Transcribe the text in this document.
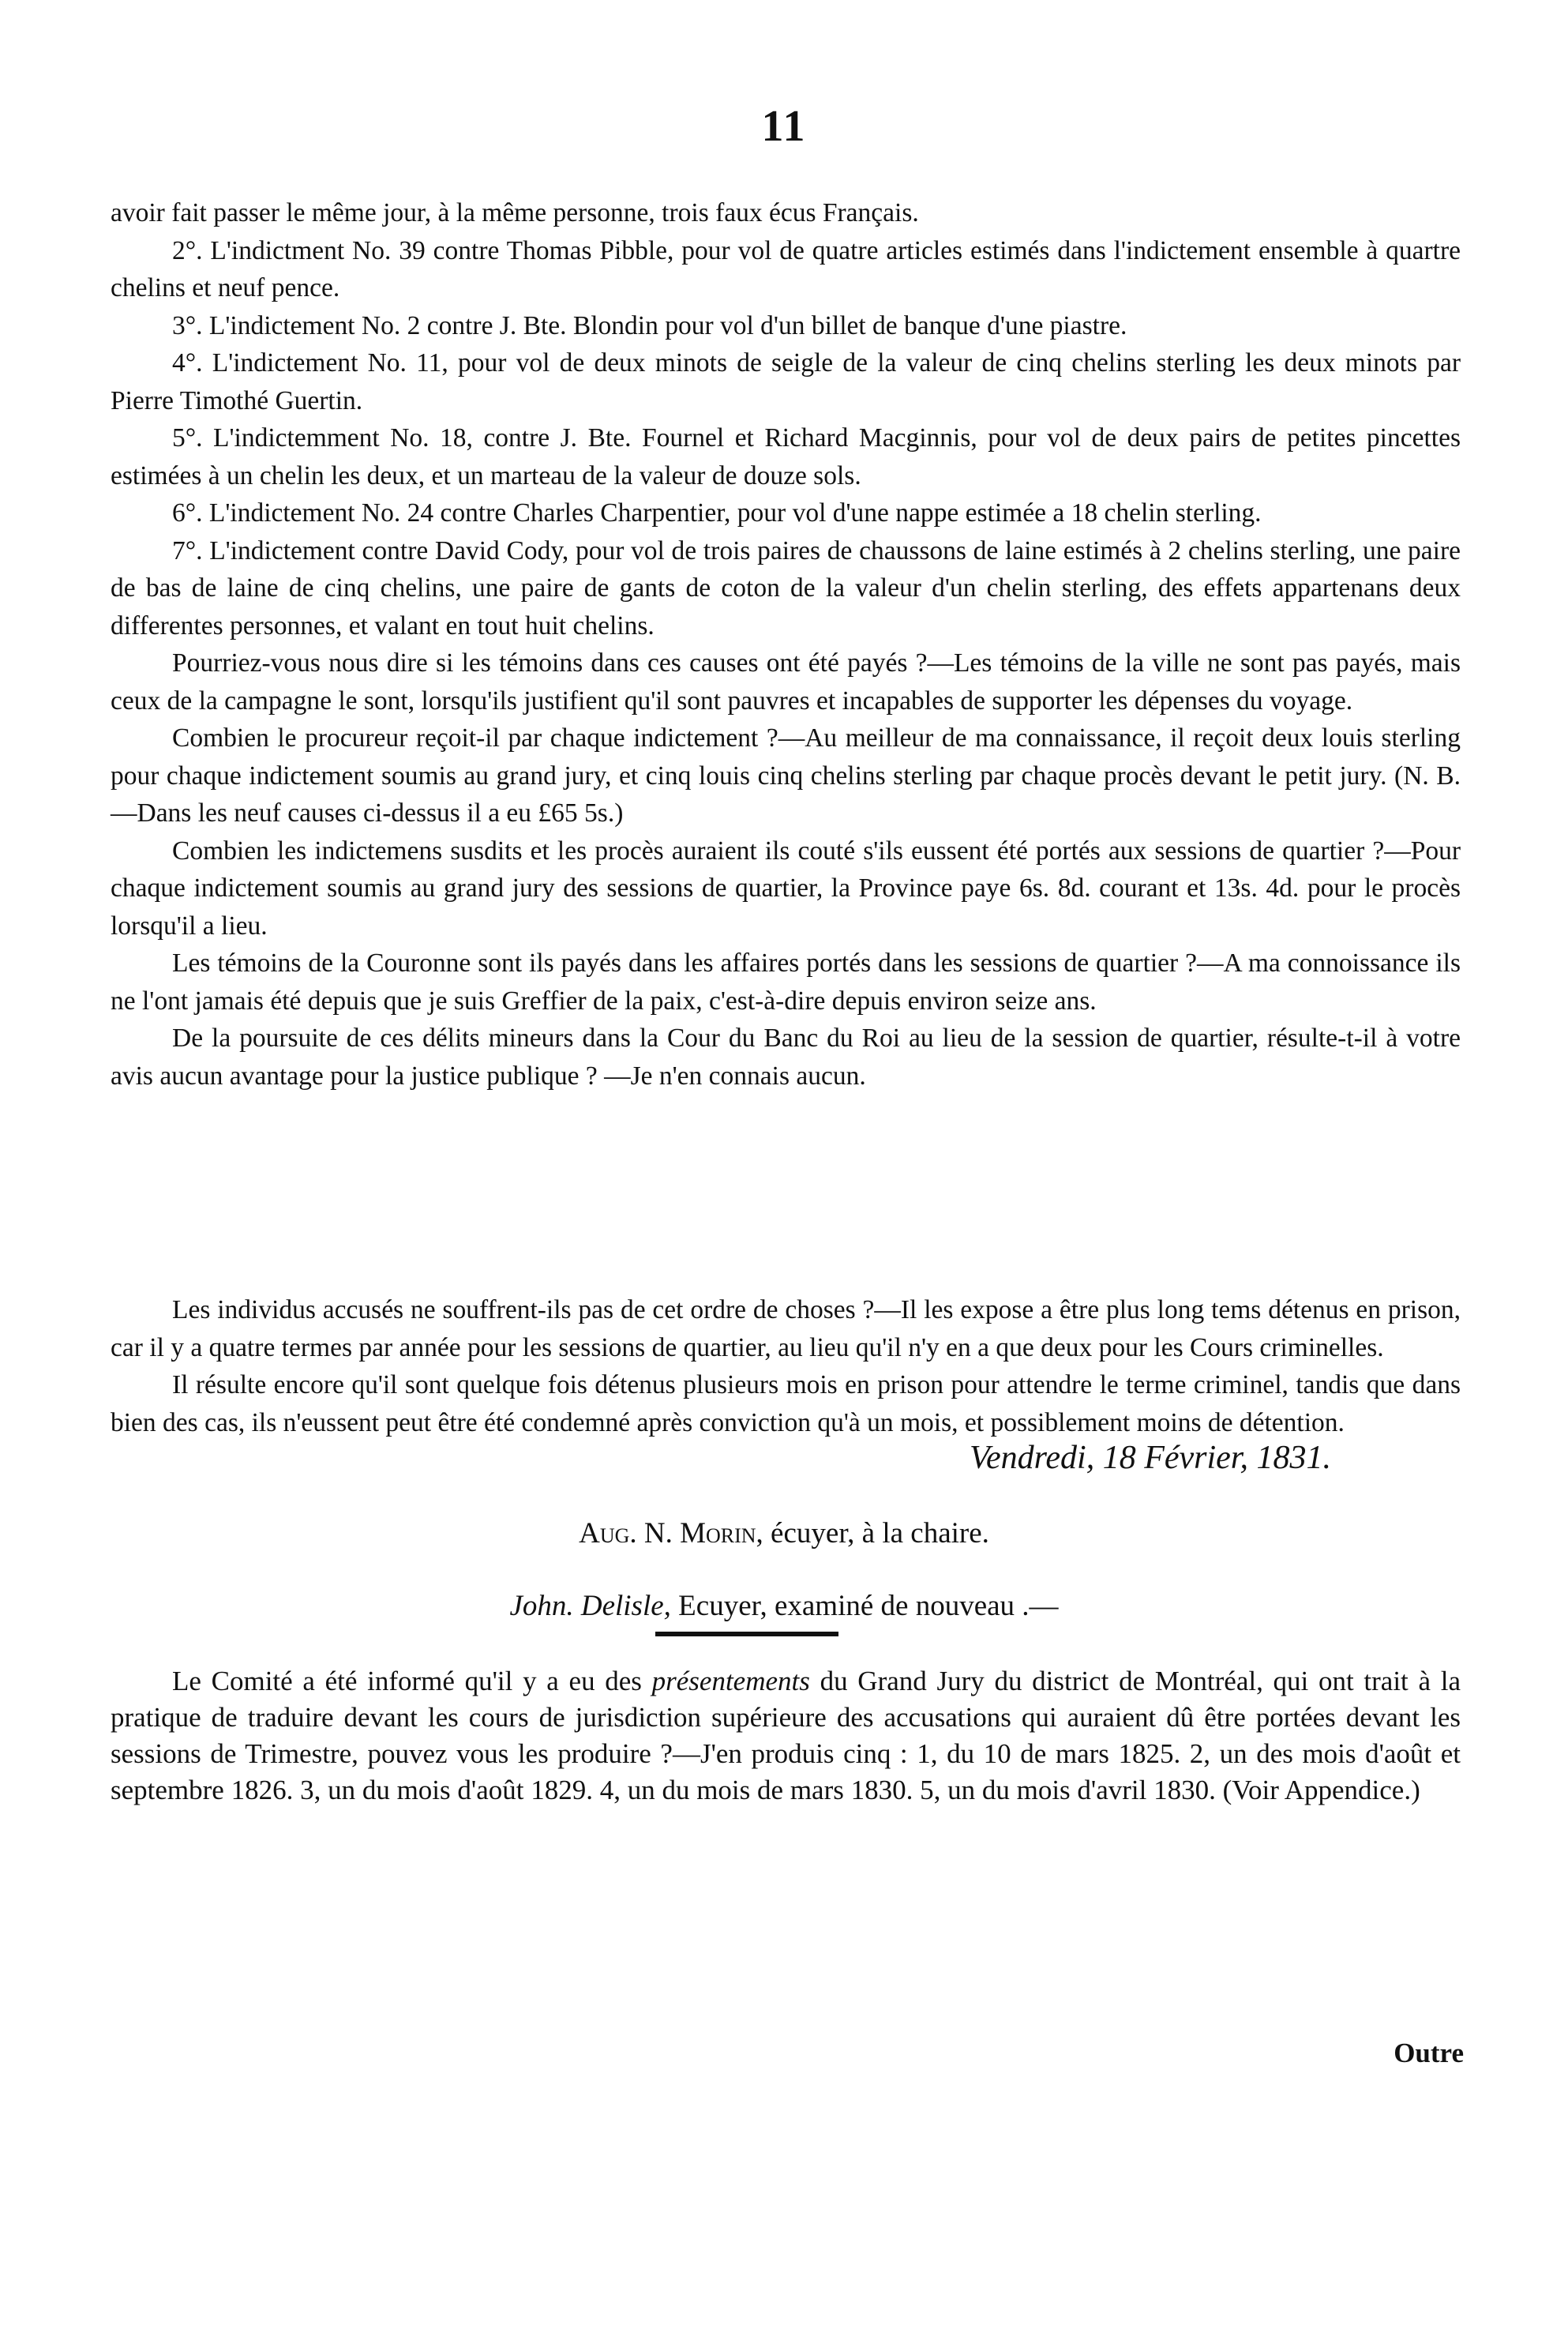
11

avoir fait passer le même jour, à la même personne, trois faux écus Français.

2°. L'indictment No. 39 contre Thomas Pibble, pour vol de quatre articles estimés dans l'indictement ensemble à quartre chelins et neuf pence.

3°. L'indictement No. 2 contre J. Bte. Blondin pour vol d'un billet de banque d'une piastre.

4°. L'indictement No. 11, pour vol de deux minots de seigle de la valeur de cinq chelins sterling les deux minots par Pierre Timothé Guertin.

5°. L'indictemment No. 18, contre J. Bte. Fournel et Richard Macginnis, pour vol de deux pairs de petites pincettes estimées à un chelin les deux, et un marteau de la valeur de douze sols.

6°. L'indictement No. 24 contre Charles Charpentier, pour vol d'une nappe estimée a 18 chelin sterling.

7°. L'indictement contre David Cody, pour vol de trois paires de chaussons de laine estimés à 2 chelins sterling, une paire de bas de laine de cinq chelins, une paire de gants de coton de la valeur d'un chelin sterling, des effets appartenans deux differentes personnes, et valant en tout huit chelins.

Pourriez-vous nous dire si les témoins dans ces causes ont été payés ?—Les témoins de la ville ne sont pas payés, mais ceux de la campagne le sont, lorsqu'ils justifient qu'il sont pauvres et incapables de supporter les dépenses du voyage.

Combien le procureur reçoit-il par chaque indictement ?—Au meilleur de ma connaissance, il reçoit deux louis sterling pour chaque indictement soumis au grand jury, et cinq louis cinq chelins sterling par chaque procès devant le petit jury. (N. B.—Dans les neuf causes ci-dessus il a eu £65 5s.)

Combien les indictemens susdits et les procès auraient ils couté s'ils eussent été portés aux sessions de quartier ?—Pour chaque indictement soumis au grand jury des sessions de quartier, la Province paye 6s. 8d. courant et 13s. 4d. pour le procès lorsqu'il a lieu.

Les témoins de la Couronne sont ils payés dans les affaires portés dans les sessions de quartier ?—A ma connoissance ils ne l'ont jamais été depuis que je suis Greffier de la paix, c'est-à-dire depuis environ seize ans.

De la poursuite de ces délits mineurs dans la Cour du Banc du Roi au lieu de la session de quartier, résulte-t-il à votre avis aucun avantage pour la justice publique ? —Je n'en connais aucun.

Les individus accusés ne souffrent-ils pas de cet ordre de choses ?—Il les expose a être plus long tems détenus en prison, car il y a quatre termes par année pour les sessions de quartier, au lieu qu'il n'y en a que deux pour les Cours criminelles.

Il résulte encore qu'il sont quelque fois détenus plusieurs mois en prison pour attendre le terme criminel, tandis que dans bien des cas, ils n'eussent peut être été condemné après conviction qu'à un mois, et possiblement moins de détention.

Vendredi, 18 Février, 1831.
Aug. N. Morin, écuyer, à la chaire.
John. Delisle, Ecuyer, examiné de nouveau .—

Le Comité a été informé qu'il y a eu des présentements du Grand Jury du district de Montréal, qui ont trait à la pratique de traduire devant les cours de jurisdiction supérieure des accusations qui auraient dû être portées devant les sessions de Trimestre, pouvez vous les produire ?—J'en produis cinq : 1, du 10 de mars 1825. 2, un des mois d'août et septembre 1826. 3, un du mois d'août 1829. 4, un du mois de mars 1830. 5, un du mois d'avril 1830. (Voir Appendice.)

Outre
